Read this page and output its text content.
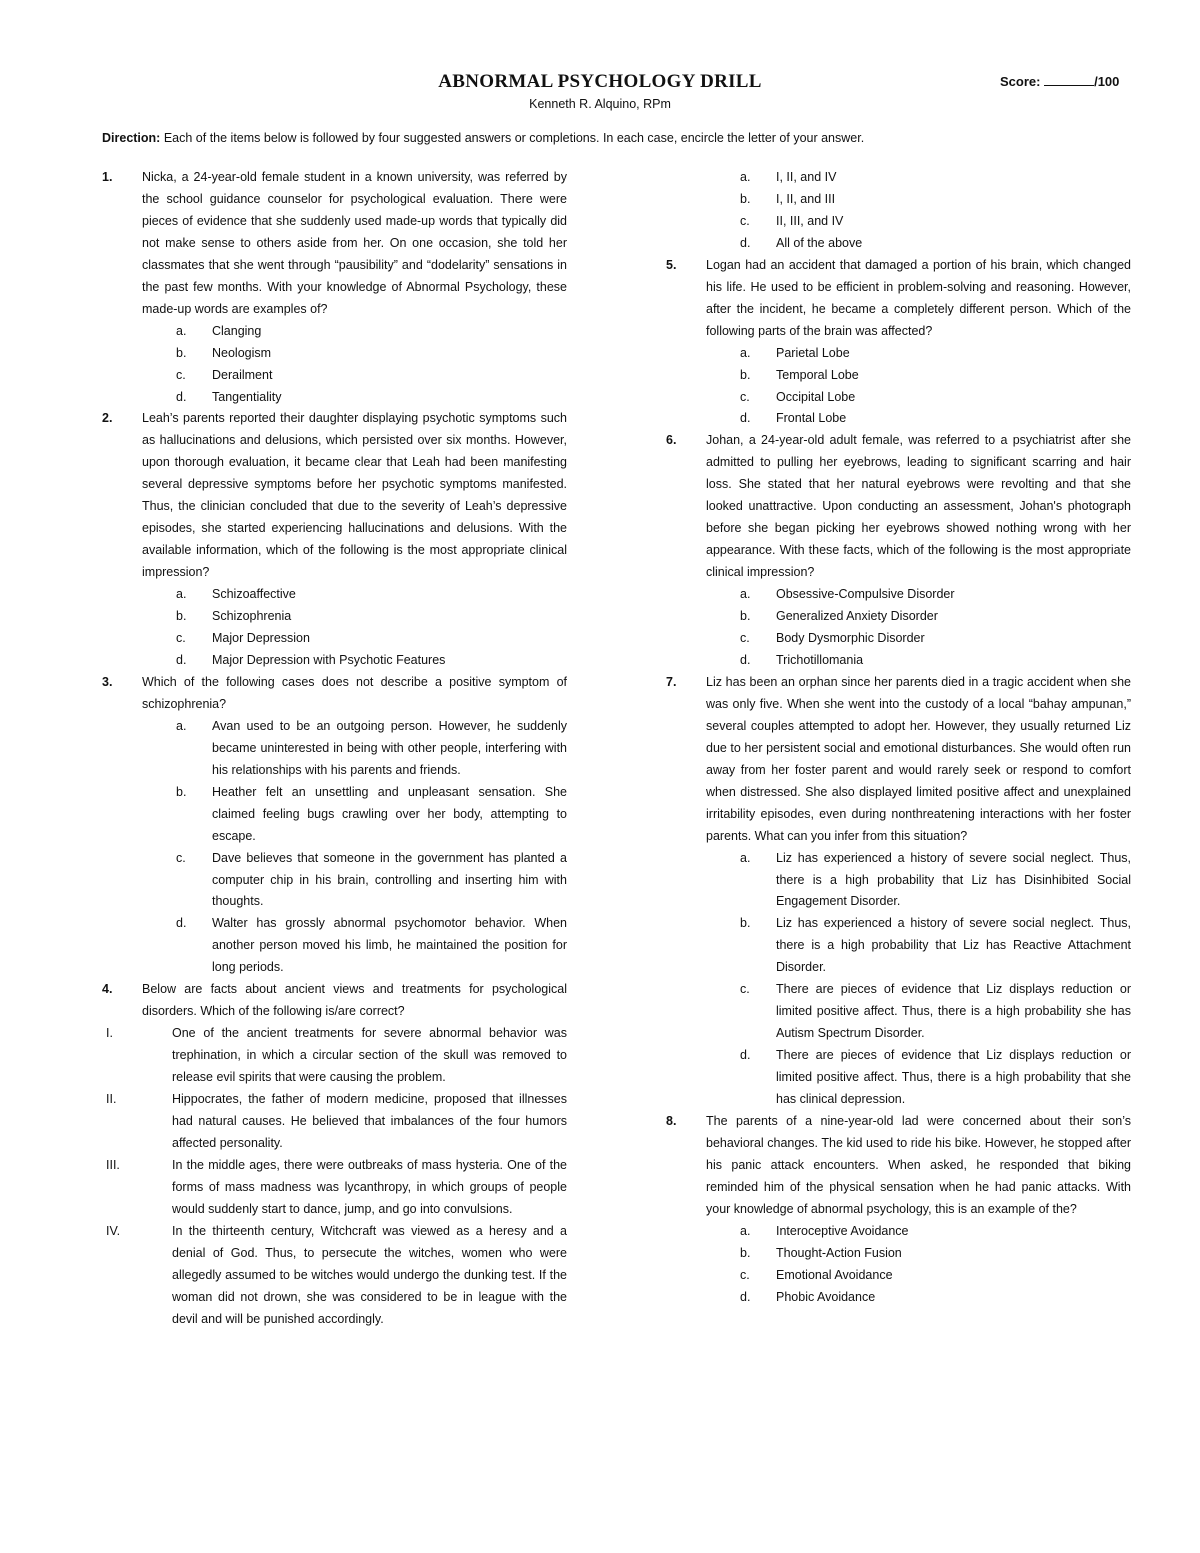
ABNORMAL PSYCHOLOGY DRILL
Kenneth R. Alquino, RPm
Score:	/100
Direction: Each of the items below is followed by four suggested answers or completions. In each case, encircle the letter of your answer.
1. Nicka, a 24-year-old female student in a known university, was referred by the school guidance counselor for psychological evaluation. There were pieces of evidence that she suddenly used made-up words that typically did not make sense to others aside from her. On one occasion, she told her classmates that she went through “pausibility” and “dodelarity” sensations in the past few months. With your knowledge of Abnormal Psychology, these made-up words are examples of?
a. Clanging
b. Neologism
c. Derailment
d. Tangentiality
2. Leah’s parents reported their daughter displaying psychotic symptoms such as hallucinations and delusions, which persisted over six months. However, upon thorough evaluation, it became clear that Leah had been manifesting several depressive symptoms before her psychotic symptoms manifested. Thus, the clinician concluded that due to the severity of Leah’s depressive episodes, she started experiencing hallucinations and delusions. With the available information, which of the following is the most appropriate clinical impression?
a. Schizoaffective
b. Schizophrenia
c. Major Depression
d. Major Depression with Psychotic Features
3. Which of the following cases does not describe a positive symptom of schizophrenia?
a. Avan used to be an outgoing person. However, he suddenly became uninterested in being with other people, interfering with his relationships with his parents and friends.
b. Heather felt an unsettling and unpleasant sensation. She claimed feeling bugs crawling over her body, attempting to escape.
c. Dave believes that someone in the government has planted a computer chip in his brain, controlling and inserting him with thoughts.
d. Walter has grossly abnormal psychomotor behavior. When another person moved his limb, he maintained the position for long periods.
4. Below are facts about ancient views and treatments for psychological disorders. Which of the following is/are correct?
I.	One of the ancient treatments for severe abnormal behavior was trephination, in which a circular section of the skull was removed to release evil spirits that were causing the problem.
II.	Hippocrates, the father of modern medicine, proposed that illnesses had natural causes. He believed that imbalances of the four humors affected personality.
III.	In the middle ages, there were outbreaks of mass hysteria. One of the forms of mass madness was lycanthropy, in which groups of people would suddenly start to dance, jump, and go into convulsions.
IV.	In the thirteenth century, Witchcraft was viewed as a heresy and a denial of God. Thus, to persecute the witches, women who were allegedly assumed to be witches would undergo the dunking test. If the woman did not drown, she was considered to be in league with the devil and will be punished accordingly.
a. I, II, and IV
b. I, II, and III
c. II, III, and IV
d. All of the above
5. Logan had an accident that damaged a portion of his brain, which changed his life. He used to be efficient in problem-solving and reasoning. However, after the incident, he became a completely different person. Which of the following parts of the brain was affected?
a. Parietal Lobe
b. Temporal Lobe
c. Occipital Lobe
d. Frontal Lobe
6. Johan, a 24-year-old adult female, was referred to a psychiatrist after she admitted to pulling her eyebrows, leading to significant scarring and hair loss. She stated that her natural eyebrows were revolting and that she looked unattractive. Upon conducting an assessment, Johan's photograph before she began picking her eyebrows showed nothing wrong with her appearance. With these facts, which of the following is the most appropriate clinical impression?
a. Obsessive-Compulsive Disorder
b. Generalized Anxiety Disorder
c. Body Dysmorphic Disorder
d. Trichotillomania
7. Liz has been an orphan since her parents died in a tragic accident when she was only five. When she went into the custody of a local “bahay ampunan,” several couples attempted to adopt her. However, they usually returned Liz due to her persistent social and emotional disturbances. She would often run away from her foster parent and would rarely seek or respond to comfort when distressed. She also displayed limited positive affect and unexplained irritability episodes, even during nonthreatening interactions with her foster parents. What can you infer from this situation?
a. Liz has experienced a history of severe social neglect. Thus, there is a high probability that Liz has Disinhibited Social Engagement Disorder.
b. Liz has experienced a history of severe social neglect. Thus, there is a high probability that Liz has Reactive Attachment Disorder.
c. There are pieces of evidence that Liz displays reduction or limited positive affect. Thus, there is a high probability she has Autism Spectrum Disorder.
d. There are pieces of evidence that Liz displays reduction or limited positive affect. Thus, there is a high probability that she has clinical depression.
8. The parents of a nine-year-old lad were concerned about their son’s behavioral changes. The kid used to ride his bike. However, he stopped after his panic attack encounters. When asked, he responded that biking reminded him of the physical sensation when he had panic attacks. With your knowledge of abnormal psychology, this is an example of the?
a. Interoceptive Avoidance
b. Thought-Action Fusion
c. Emotional Avoidance
d. Phobic Avoidance
